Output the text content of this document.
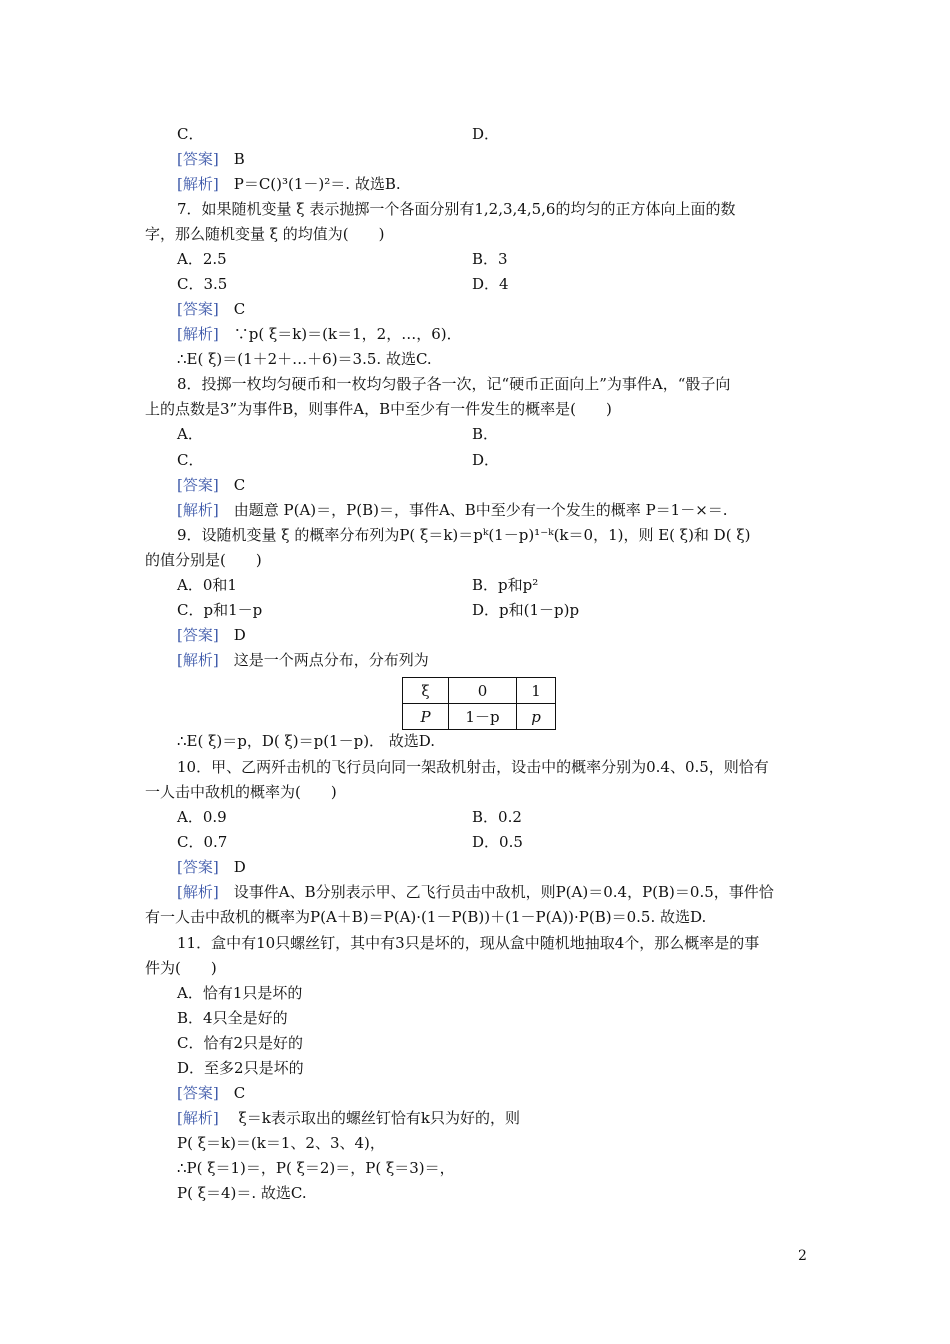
C．	D．
[答案]　 B
[解析]　 P＝C()³(1－)²＝. 故选B.
7．如果随机变量 ξ 表示抛掷一个各面分别有1,2,3,4,5,6的均匀的正方体向上面的数
字，那么随机变量 ξ 的均值为(　　)
A．2.5	B．3
C．3.5	D．4
[答案]　 C
[解析]　 ∵p( ξ＝k)＝(k＝1，2，…，6)．
∴E( ξ)＝(1＋2＋…＋6)＝3.5. 故选C.
8．投掷一枚均匀硬币和一枚均匀骰子各一次，记“硬币正面向上”为事件A，“骰子向
上的点数是3”为事件B，则事件A，B中至少有一件发生的概率是(　　)
A．	B．
C．	D．
[答案]　 C
[解析]　 由题意 P(A)＝，P(B)＝，事件A、B中至少有一个发生的概率 P＝1－×＝.
9．设随机变量 ξ 的概率分布列为P( ξ＝k)＝pᵏ(1－p)¹⁻ᵏ(k＝0，1)，则 E( ξ)和 D( ξ)
的值分别是(　　)
A．0和1	B．p和p²
C．p和1－p	D．p和(1－p)p
[答案]　 D
[解析]　 这是一个两点分布，分布列为
ξ	0	1
P	1－p	p
∴E( ξ)＝p，D( ξ)＝p(1－p)． 故选D.
10．甲、乙两歼击机的飞行员向同一架敌机射击，设击中的概率分别为0.4、0.5，则恰有
一人击中敌机的概率为(　　)
A．0.9	B．0.2
C．0.7	D．0.5
[答案]　 D
[解析]　 设事件A、B分别表示甲、乙飞行员击中敌机，则P(A)＝0.4，P(B)＝0.5，事件恰
有一人击中敌机的概率为P(A＋B)＝P(A)·(1－P(B))＋(1－P(A))·P(B)＝0.5. 故选D.
11．盒中有10只螺丝钉，其中有3只是坏的，现从盒中随机地抽取4个，那么概率是的事
件为(　　)
A．恰有1只是坏的
B．4只全是好的
C．恰有2只是好的
D．至多2只是坏的
[答案]　 C
[解析]　 ξ＝k表示取出的螺丝钉恰有k只为好的，则
P( ξ＝k)＝(k＝1、2、3、4)，
∴P( ξ＝1)＝，P( ξ＝2)＝，P( ξ＝3)＝，
P( ξ＝4)＝. 故选C.
2
